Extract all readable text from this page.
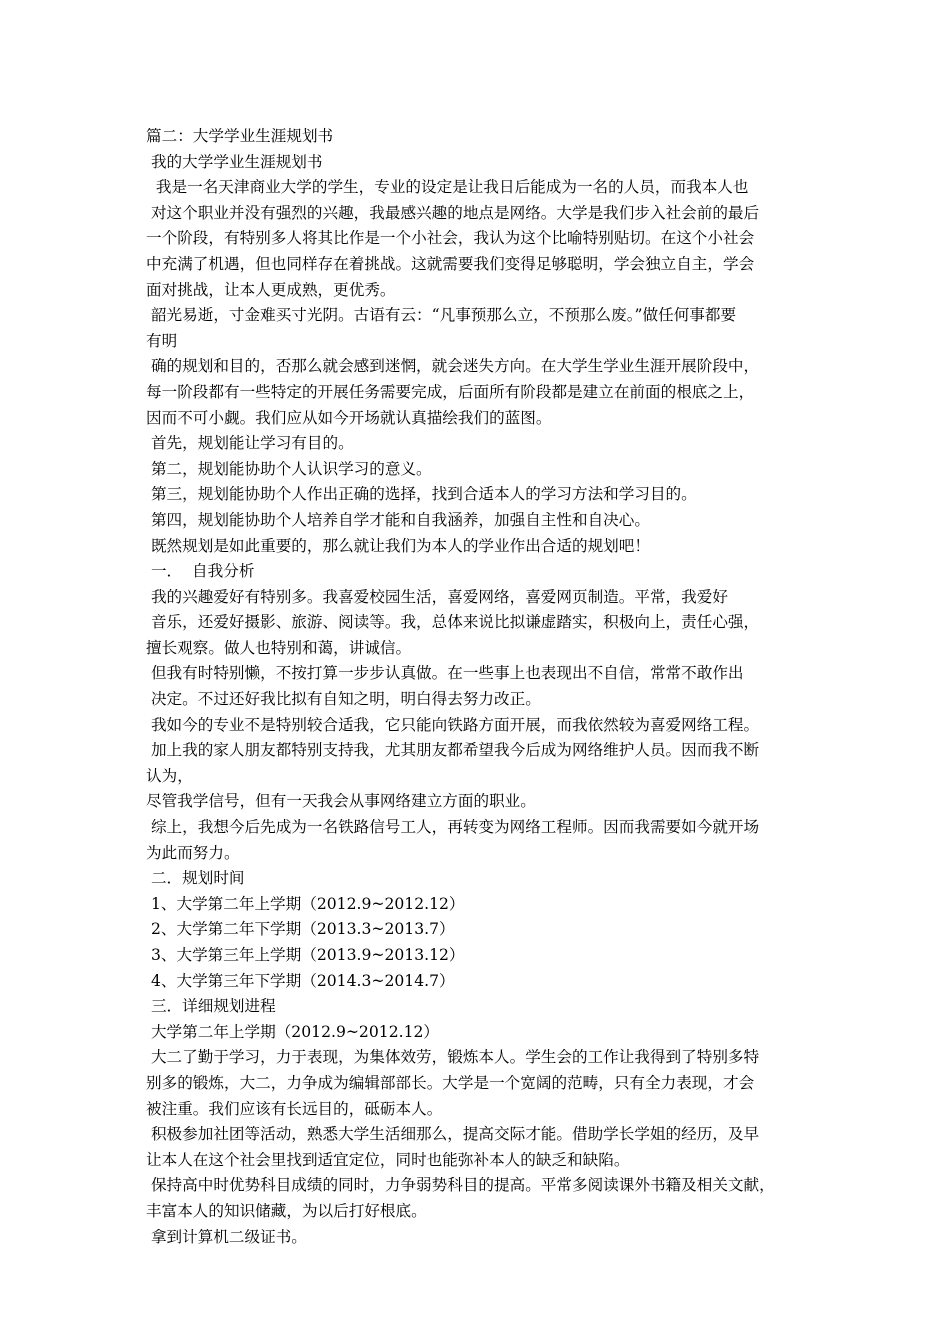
篇二：大学学业生涯规划书
我的大学学业生涯规划书
我是一名天津商业大学的学生，专业的设定是让我日后能成为一名的人员，而我本人也
对这个职业并没有强烈的兴趣，我最感兴趣的地点是网络。大学是我们步入社会前的最后
一个阶段，有特别多人将其比作是一个小社会，我认为这个比喻特别贴切。在这个小社会
中充满了机遇，但也同样存在着挑战。这就需要我们变得足够聪明，学会独立自主，学会
面对挑战，让本人更成熟，更优秀。
韶光易逝，寸金难买寸光阴。古语有云：“凡事预那么立，不预那么废。”做任何事都要
有明
确的规划和目的，否那么就会感到迷惘，就会迷失方向。在大学生学业生涯开展阶段中，
每一阶段都有一些特定的开展任务需要完成，后面所有阶段都是建立在前面的根底之上，
因而不可小觑。我们应从如今开场就认真描绘我们的蓝图。
首先，规划能让学习有目的。
第二，规划能协助个人认识学习的意义。
第三，规划能协助个人作出正确的选择，找到合适本人的学习方法和学习目的。
第四，规划能协助个人培养自学才能和自我涵养，加强自主性和自决心。
既然规划是如此重要的，那么就让我们为本人的学业作出合适的规划吧！
一．  自我分析
我的兴趣爱好有特别多。我喜爱校园生活，喜爱网络，喜爱网页制造。平常，我爱好
音乐，还爱好摄影、旅游、阅读等。我，总体来说比拟谦虚踏实，积极向上，责任心强，
擅长观察。做人也特别和蔼，讲诚信。
但我有时特别懒，不按打算一步步认真做。在一些事上也表现出不自信，常常不敢作出
决定。不过还好我比拟有自知之明，明白得去努力改正。
我如今的专业不是特别较合适我，它只能向铁路方面开展，而我依然较为喜爱网络工程。
加上我的家人朋友都特别支持我，尤其朋友都希望我今后成为网络维护人员。因而我不断
认为，
尽管我学信号，但有一天我会从事网络建立方面的职业。
综上，我想今后先成为一名铁路信号工人，再转变为网络工程师。因而我需要如今就开场
为此而努力。
二．规划时间
1、大学第二年上学期（2012.9~2012.12）
2、大学第二年下学期（2013.3~2013.7）
3、大学第三年上学期（2013.9~2013.12）
4、大学第三年下学期（2014.3~2014.7）
三．详细规划进程
大学第二年上学期（2012.9~2012.12）
大二了勤于学习，力于表现，为集体效劳，锻炼本人。学生会的工作让我得到了特别多特
别多的锻炼，大二，力争成为编辑部部长。大学是一个宽阔的范畴，只有全力表现，才会
被注重。我们应该有长远目的，砥砺本人。
积极参加社团等活动，熟悉大学生活细那么，提高交际才能。借助学长学姐的经历，及早
让本人在这个社会里找到适宜定位，同时也能弥补本人的缺乏和缺陷。
保持高中时优势科目成绩的同时，力争弱势科目的提高。平常多阅读课外书籍及相关文献，
丰富本人的知识储藏，为以后打好根底。
拿到计算机二级证书。
